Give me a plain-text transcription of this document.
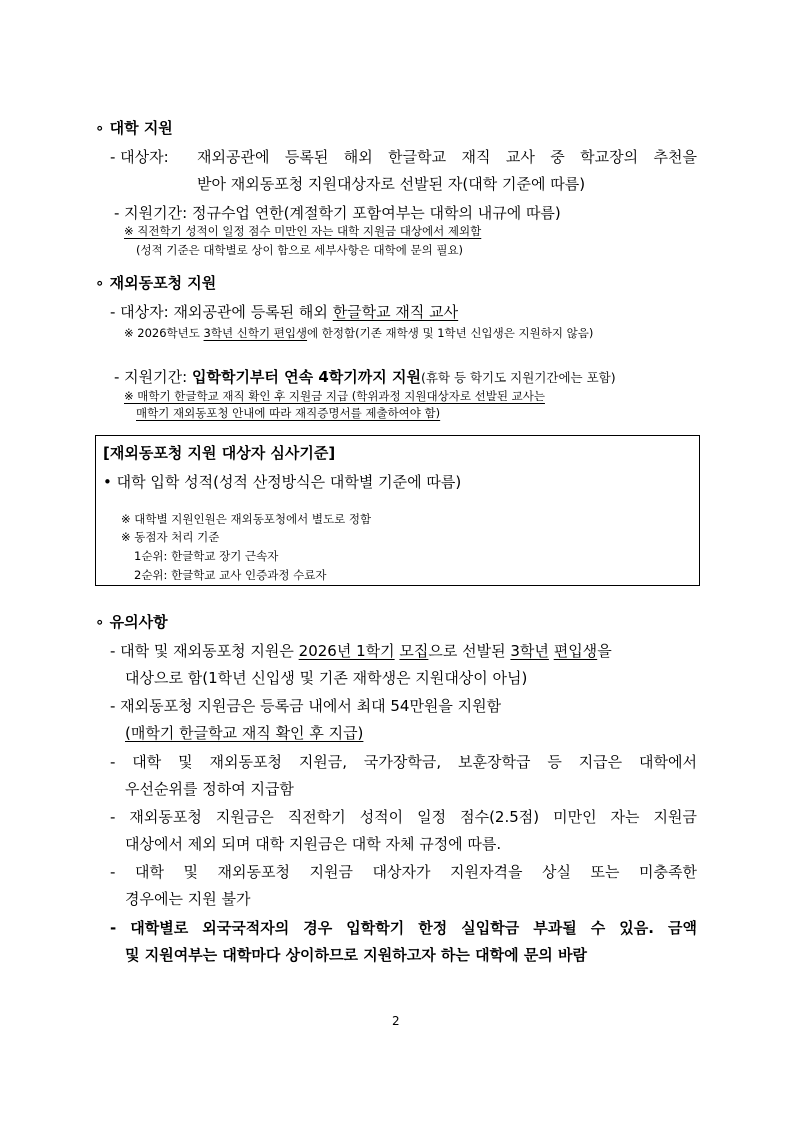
∘ 대학 지원
- 대상자: 재외공관에 등록된 해외 한글학교 재직 교사 중 학교장의 추천을
받아 재외동포청 지원대상자로 선발된 자(대학 기준에 따름)
- 지원기간: 정규수업 연한(계절학기 포함여부는 대학의 내규에 따름)
※ 직전학기 성적이 일정 점수 미만인 자는 대학 지원금 대상에서 제외함
(성적 기준은 대학별로 상이 함으로 세부사항은 대학에 문의 필요)
∘ 재외동포청 지원
- 대상자: 재외공관에 등록된 해외 한글학교 재직 교사
※ 2026학년도 3학년 신학기 편입생에 한정함(기존 재학생 및 1학년 신입생은 지원하지 않음)
- 지원기간: 입학학기부터 연속 4학기까지 지원(휴학 등 학기도 지원기간에는 포함)
※ 매학기 한글학교 재직 확인 후 지원금 지급 (학위과정 지원대상자로 선발된 교사는
매학기 재외동포청 안내에 따라 재직증명서를 제출하여야 함)
[재외동포청 지원 대상자 심사기준]
• 대학 입학 성적(성적 산정방식은 대학별 기준에 따름)
※ 대학별 지원인원은 재외동포청에서 별도로 정함
※ 동점자 처리 기준
1순위: 한글학교 장기 근속자
2순위: 한글학교 교사 인증과정 수료자
∘ 유의사항
- 대학 및 재외동포청 지원은 2026년 1학기 모집으로 선발된 3학년 편입생을
대상으로 함(1학년 신입생 및 기존 재학생은 지원대상이 아님)
- 재외동포청 지원금은 등록금 내에서 최대 54만원을 지원함
(매학기 한글학교 재직 확인 후 지급)
- 대학 및 재외동포청 지원금, 국가장학금, 보훈장학급 등 지급은 대학에서
우선순위를 정하여 지급함
- 재외동포청 지원금은 직전학기 성적이 일정 점수(2.5점) 미만인 자는 지원금
대상에서 제외 되며 대학 지원금은 대학 자체 규정에 따름.
- 대학 및 재외동포청 지원금 대상자가 지원자격을 상실 또는 미충족한
경우에는 지원 불가
- 대학별로 외국국적자의 경우 입학학기 한정 실입학금 부과될 수 있음. 금액
및 지원여부는 대학마다 상이하므로 지원하고자 하는 대학에 문의 바람
2
